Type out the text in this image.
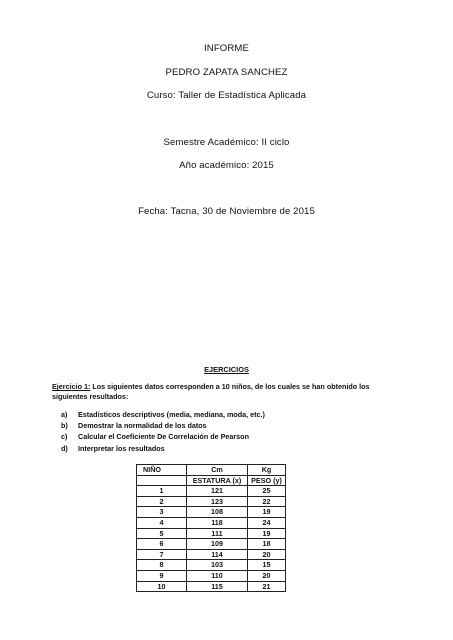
INFORME
PEDRO ZAPATA SANCHEZ
Curso: Taller de Estadística Aplicada
Semestre Académico: II ciclo
Año académico: 2015
Fecha: Tacna, 30 de Noviembre de 2015
EJERCICIOS
Ejercicio 1: Los siguientes datos corresponden a 10 niños, de los cuales se han obtenido los siguientes resultados:
a) Estadísticos descriptivos (media, mediana, moda, etc.)
b) Demostrar la normalidad de los datos
c) Calcular el Coeficiente De Correlación de Pearson
d) Interpretar los resultados
NIÑO	Cm	Kg
	ESTATURA (x)	PESO (y)
1	121	25
2	123	22
3	108	19
4	118	24
5	111	19
6	109	18
7	114	20
8	103	15
9	110	20
10	115	21
